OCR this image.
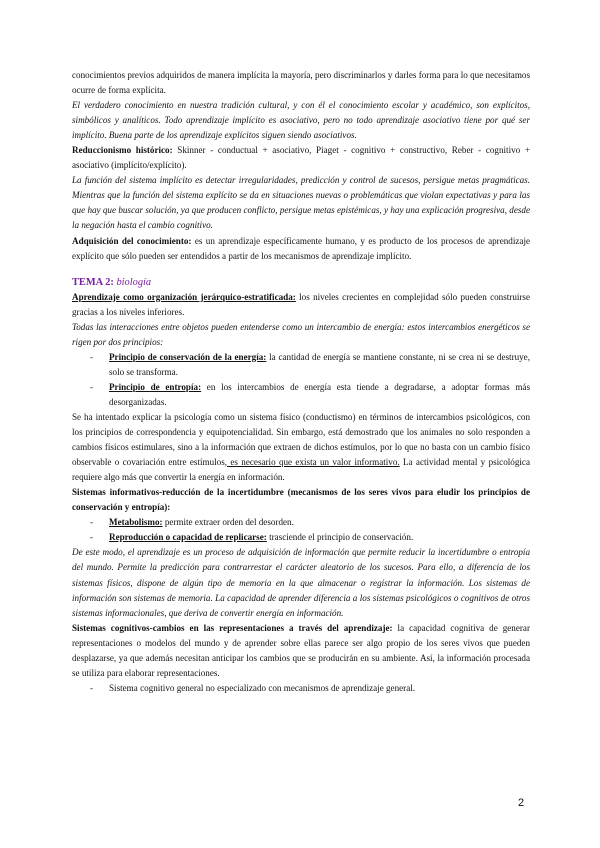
conocimientos previos adquiridos de manera implícita la mayoría, pero discriminarlos y darles forma para lo que necesitamos ocurre de forma explícita.

El verdadero conocimiento en nuestra tradición cultural, y con él el conocimiento escolar y académico, son explícitos, simbólicos y analíticos. Todo aprendizaje implícito es asociativo, pero no todo aprendizaje asociativo tiene por qué ser implícito. Buena parte de los aprendizaje explícitos siguen siendo asociativos.

Reduccionismo histórico: Skinner - conductual + asociativo, Piaget - cognitivo + constructivo, Reber - cognitivo + asociativo (implícito/explícito).

La función del sistema implícito es detectar irregularidades, predicción y control de sucesos, persigue metas pragmáticas. Mientras que la función del sistema explícito se da en situaciones nuevas o problemáticas que violan expectativas y para las que hay que buscar solución, ya que producen conflicto, persigue metas epistémicas, y hay una explicación progresiva, desde la negación hasta el cambio cognitivo.

Adquisición del conocimiento: es un aprendizaje específicamente humano, y es producto de los procesos de aprendizaje explícito que sólo pueden ser entendidos a partir de los mecanismos de aprendizaje implícito.

TEMA 2: biología

Aprendizaje como organización jerárquico-estratificada: los niveles crecientes en complejidad sólo pueden construirse gracias a los niveles inferiores.

Todas las interacciones entre objetos pueden entenderse como un intercambio de energía: estos intercambios energéticos se rigen por dos principios:

- Principio de conservación de la energía: la cantidad de energía se mantiene constante, ni se crea ni se destruye, solo se transforma.
- Principio de entropía: en los intercambios de energía esta tiende a degradarse, a adoptar formas más desorganizadas.

Se ha intentado explicar la psicología como un sistema físico (conductismo) en términos de intercambios psicológicos, con los principios de correspondencia y equipotencialidad. Sin embargo, está demostrado que los animales no solo responden a cambios físicos estimulares, sino a la información que extraen de dichos estímulos, por lo que no basta con un cambio físico observable o covariación entre estímulos, es necesario que exista un valor informativo. La actividad mental y psicológica requiere algo más que convertir la energía en información.

Sistemas informativos-reducción de la incertidumbre (mecanismos de los seres vivos para eludir los principios de conservación y entropía):

- Metabolismo: permite extraer orden del desorden.
- Reproducción o capacidad de replicarse: trasciende el principio de conservación.

De este modo, el aprendizaje es un proceso de adquisición de información que permite reducir la incertidumbre o entropía del mundo. Permite la predicción para contrarrestar el carácter aleatorio de los sucesos. Para ello, a diferencia de los sistemas físicos, dispone de algún tipo de memoria en la que almacenar o registrar la información. Los sistemas de información son sistemas de memoria. La capacidad de aprender diferencia a los sistemas psicológicos o cognitivos de otros sistemas informacionales, que deriva de convertir energía en información.

Sistemas cognitivos-cambios en las representaciones a través del aprendizaje: la capacidad cognitiva de generar representaciones o modelos del mundo y de aprender sobre ellas parece ser algo propio de los seres vivos que pueden desplazarse, ya que además necesitan anticipar los cambios que se producirán en su ambiente. Así, la información procesada se utiliza para elaborar representaciones.

- Sistema cognitivo general no especializado con mecanismos de aprendizaje general.
2
